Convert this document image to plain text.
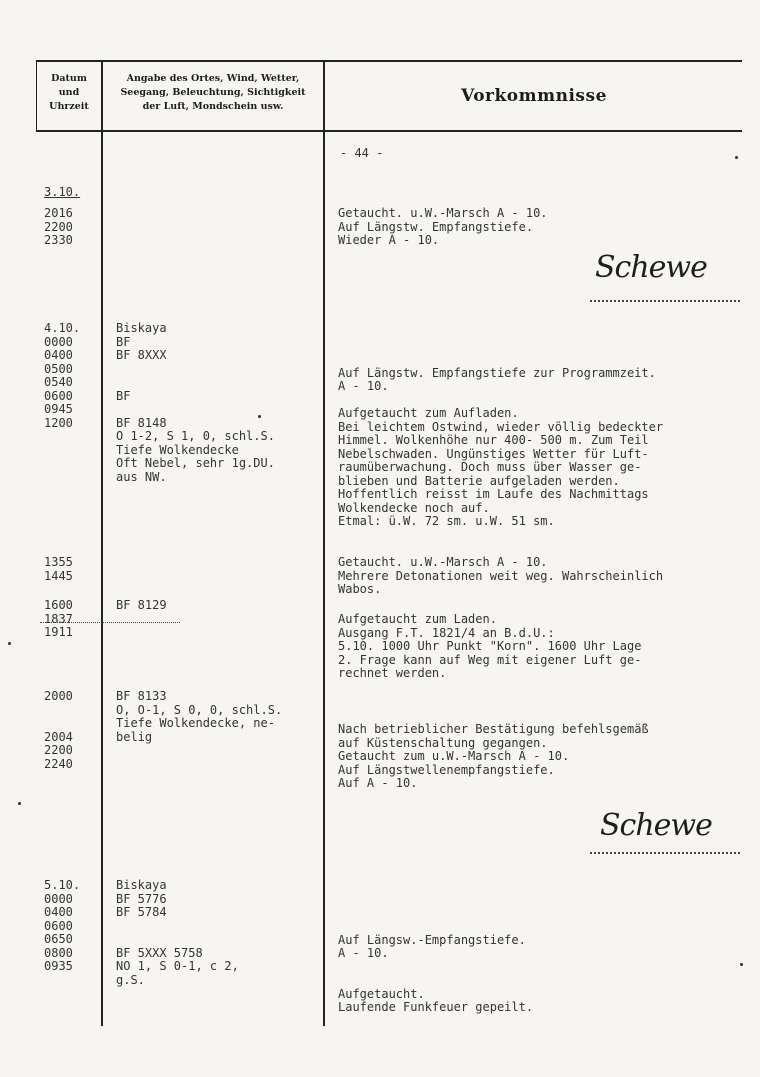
Datum
und
Uhrzeit
Angabe des Ortes, Wind, Wetter,
Seegang, Beleuchtung, Sichtigkeit
der Luft, Mondschein usw.
Vorkommnisse
- 44 -
3.10.
2016
2200
2330
Getaucht. u.W.-Marsch A - 10.
Auf Längstw. Empfangstiefe.
Wieder A - 10.
Schewe
4.10.
0000
0400
0500
0540
0600
0945
1200
Biskaya
BF
BF 8XXX

BF

BF 8148
O 1-2, S 1, 0, schl.S.
Tiefe Wolkendecke
Oft Nebel, sehr 1g.DU.
aus NW.

Auf Längstw. Empfangstiefe zur Programmzeit.
A - 10.

Aufgetaucht zum Aufladen.
Bei leichtem Ostwind, wieder völlig bedeckter
Himmel. Wolkenhöhe nur 400- 500 m. Zum Teil
Nebelschwaden. Ungünstiges Wetter für Luft-
raumüberwachung. Doch muss über Wasser ge-
blieben und Batterie aufgeladen werden.
Hoffentlich reisst im Laufe des Nachmittags
Wolkendecke noch auf.
Etmal: ü.W. 72 sm. u.W. 51 sm.
1355
1445
Getaucht. u.W.-Marsch A - 10.
Mehrere Detonationen weit weg. Wahrscheinlich
Wabos.
1600
1837
1911
BF 8129
Aufgetaucht zum Laden.
Ausgang F.T. 1821/4 an B.d.U.:
5.10. 1000 Uhr Punkt "Korn". 1600 Uhr Lage
2. Frage kann auf Weg mit eigener Luft ge-
rechnet werden.
2000

2004
2200
2240
BF 8133
O, O-1, S 0, 0, schl.S.
Tiefe Wolkendecke, ne-
belig

Nach betrieblicher Bestätigung befehlsgemäß
auf Küstenschaltung gegangen.
Getaucht zum u.W.-Marsch A - 10.
Auf Längstwellenempfangstiefe.
Auf A - 10.
Schewe
5.10.
0000
0400
0600
0650
0800
0935
Biskaya
BF 5776
BF 5784

BF 5XXX 5758
NO 1, S 0-1, c 2,
g.S.

Auf Längsw.-Empfangstiefe.
A - 10.

Aufgetaucht.
Laufende Funkfeuer gepeilt.
